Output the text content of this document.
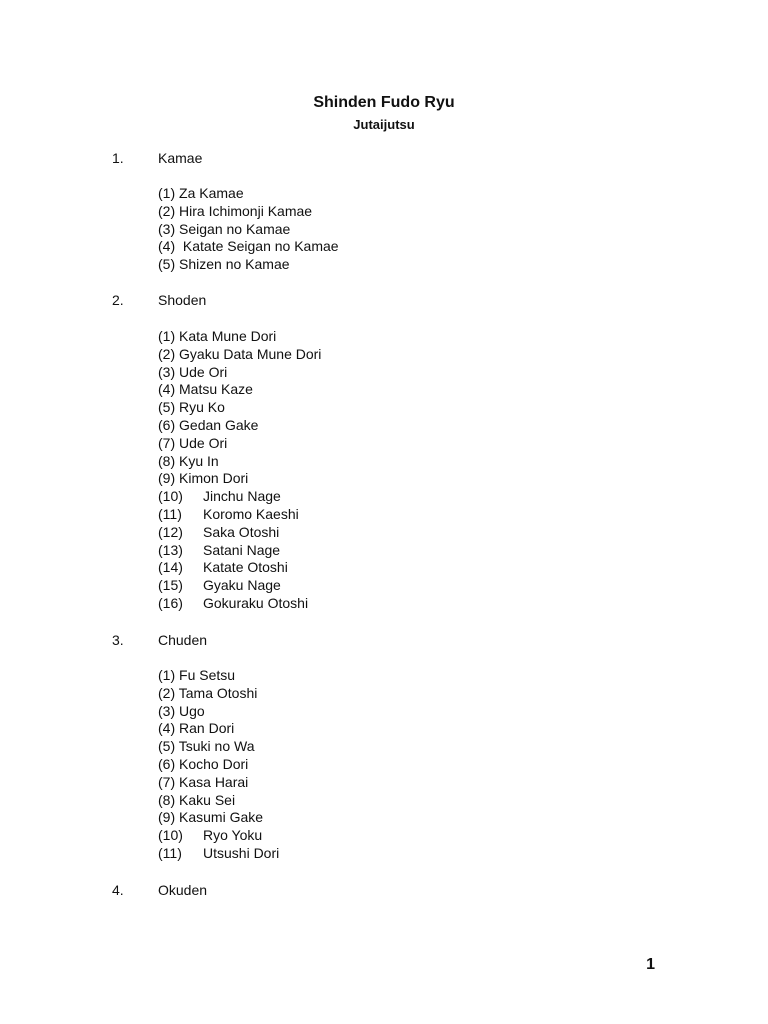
Shinden Fudo Ryu
Jutaijutsu
1. Kamae
(1) Za Kamae
(2) Hira Ichimonji Kamae
(3) Seigan no Kamae
(4)  Katate Seigan no Kamae
(5) Shizen no Kamae
2. Shoden
(1) Kata Mune Dori
(2) Gyaku Data Mune Dori
(3) Ude Ori
(4) Matsu Kaze
(5) Ryu Ko
(6) Gedan Gake
(7) Ude Ori
(8) Kyu In
(9) Kimon Dori
(10) Jinchu Nage
(11) Koromo Kaeshi
(12) Saka Otoshi
(13) Satani Nage
(14) Katate Otoshi
(15) Gyaku Nage
(16) Gokuraku Otoshi
3. Chuden
(1) Fu Setsu
(2) Tama Otoshi
(3) Ugo
(4) Ran Dori
(5) Tsuki no Wa
(6) Kocho Dori
(7) Kasa Harai
(8) Kaku Sei
(9) Kasumi Gake
(10) Ryo Yoku
(11) Utsushi Dori
4. Okuden
1
